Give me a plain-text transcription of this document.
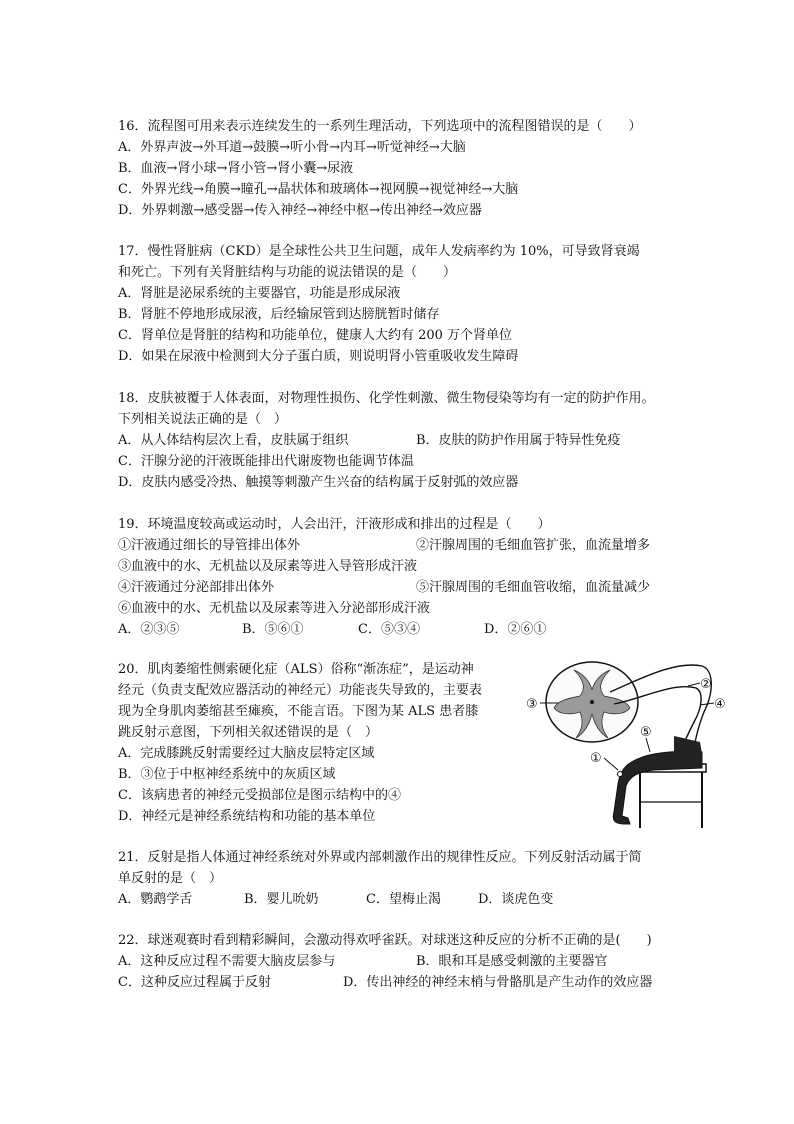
16．流程图可用来表示连续发生的一系列生理活动，下列选项中的流程图错误的是（　　）
A．外界声波→外耳道→鼓膜→听小骨→内耳→听觉神经→大脑
B．血液→肾小球→肾小管→肾小囊→尿液
C．外界光线→角膜→瞳孔→晶状体和玻璃体→视网膜→视觉神经→大脑
D．外界刺激→感受器→传入神经→神经中枢→传出神经→效应器
17．慢性肾脏病（CKD）是全球性公共卫生问题，成年人发病率约为 10%，可导致肾衰竭
和死亡。下列有关肾脏结构与功能的说法错误的是（　　）
A．肾脏是泌尿系统的主要器官，功能是形成尿液
B．肾脏不停地形成尿液，后经输尿管到达膀胱暂时储存
C．肾单位是肾脏的结构和功能单位，健康人大约有 200 万个肾单位
D．如果在尿液中检测到大分子蛋白质，则说明肾小管重吸收发生障碍
18．皮肤被覆于人体表面，对物理性损伤、化学性刺激、微生物侵染等均有一定的防护作用。
下列相关说法正确的是（　）
A．从人体结构层次上看，皮肤属于组织	B．皮肤的防护作用属于特异性免疫
C．汗腺分泌的汗液既能排出代谢废物也能调节体温
D．皮肤内感受冷热、触摸等刺激产生兴奋的结构属于反射弧的效应器
19．环境温度较高或运动时，人会出汗，汗液形成和排出的过程是（　　）
①汗液通过细长的导管排出体外	②汗腺周围的毛细血管扩张，血流量增多
③血液中的水、无机盐以及尿素等进入导管形成汗液
④汗液通过分泌部排出体外	⑤汗腺周围的毛细血管收缩，血流量减少
⑥血液中的水、无机盐以及尿素等进入分泌部形成汗液
A．②③⑤	B．⑤⑥①	C．⑤③④	D．②⑥①
20．肌肉萎缩性侧索硬化症（ALS）俗称“渐冻症”，是运动神
经元（负责支配效应器活动的神经元）功能丧失导致的，主要表
现为全身肌肉萎缩甚至瘫痪，不能言语。下图为某 ALS 患者膝
跳反射示意图，下列相关叙述错误的是（　）
A．完成膝跳反射需要经过大脑皮层特定区域
B．③位于中枢神经系统中的灰质区域
C．该病患者的神经元受损部位是图示结构中的④
D．神经元是神经系统结构和功能的基本单位
③
②
④
⑤
①
21．反射是指人体通过神经系统对外界或内部刺激作出的规律性反应。下列反射活动属于简
单反射的是（　）
A．鹦鹉学舌	B．婴儿吮奶	C．望梅止渴	D．谈虎色变
22．球迷观赛时看到精彩瞬间，会激动得欢呼雀跃。对球迷这种反应的分析不正确的是(　　)
A．这种反应过程不需要大脑皮层参与	B．眼和耳是感受刺激的主要器官
C．这种反应过程属于反射	D．传出神经的神经末梢与骨骼肌是产生动作的效应器
